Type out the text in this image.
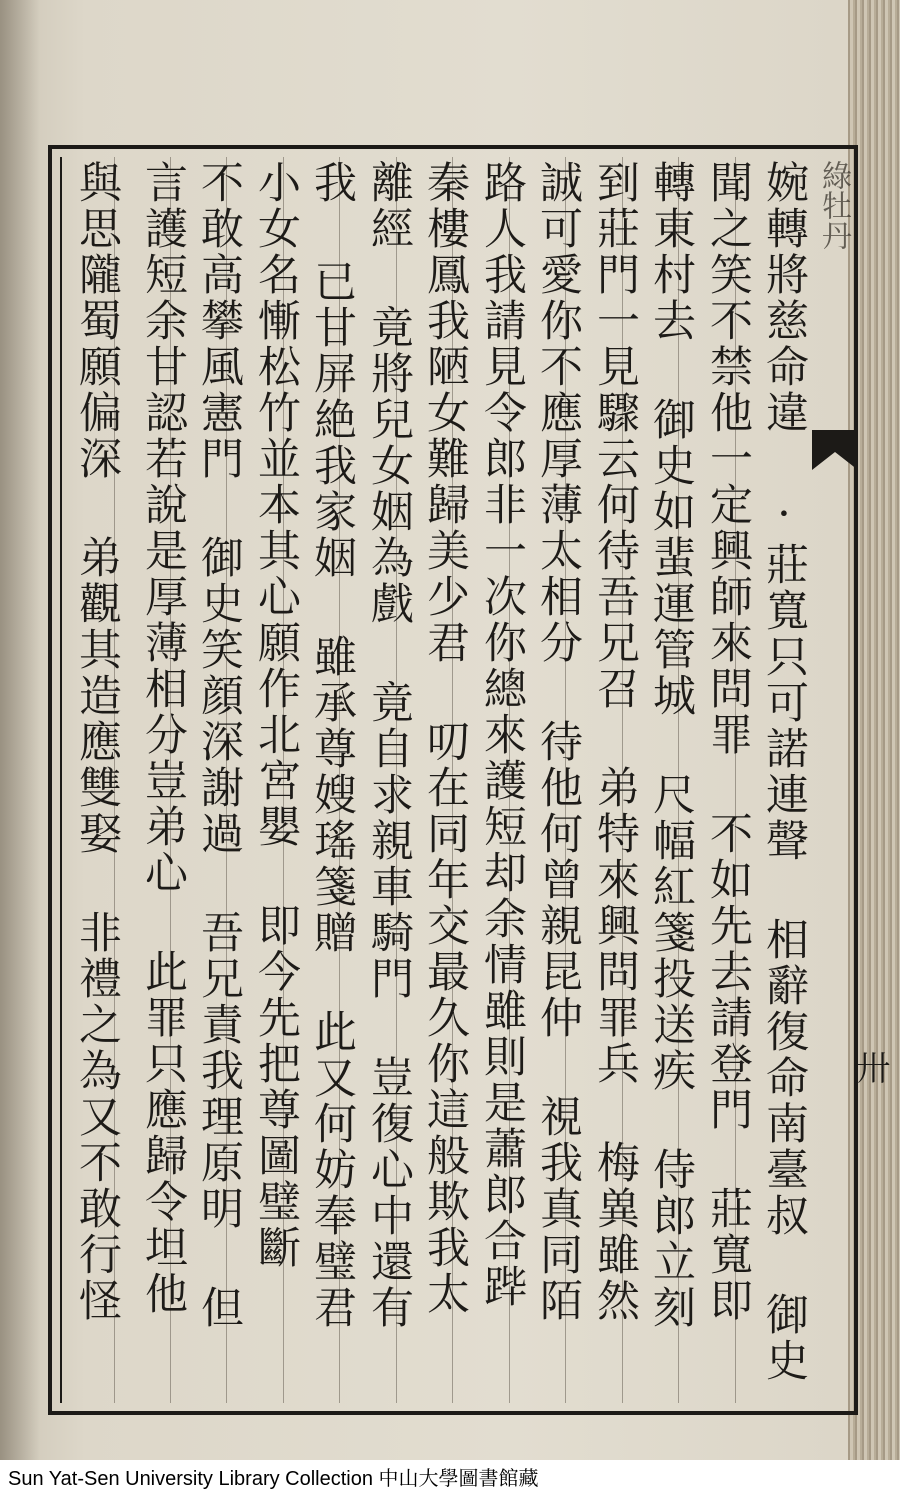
婉轉將慈命違 ·莊寬只可諾連聲 相辭復命南臺叔 御史
聞之笑不禁他一定興師來問罪 不如先去請登門 莊寬即
轉東村去 御史如蜚運管城 尺幅紅箋投送疾 侍郎立刻
到莊門一見驟云何待吾兄召 弟特來興問罪兵 梅兾雖然
誠可愛你不應厚薄太相分 待他何曾親昆仲 視我真同陌
路人我請見令郎非一次你總來護短却余情雖則是蕭郎合跸
秦樓鳳我陋女難歸美少君 叨在同年交最久你這般欺我太
離經 竟將兒女姻為戲 竟自求親車騎門 豈復心中還有
我 已甘屏絶我家姻 雖承尊嫂瑤箋贈 此又何妨奉璧君
小女名慚松竹並本其心願作北宮嬰 即今先把尊圖璧斷
不敢高攀風憲門 御史笑顔深謝過 吾兄責我理原明 但
言護短余甘認若說是厚薄相分豈弟心 此罪只應歸令坦他
與思隴蜀願偏深 弟觀其造應雙娶 非禮之為又不敢行怪	綠牡丹
卅
Sun Yat-Sen University Library Collection 中山大學圖書館藏
